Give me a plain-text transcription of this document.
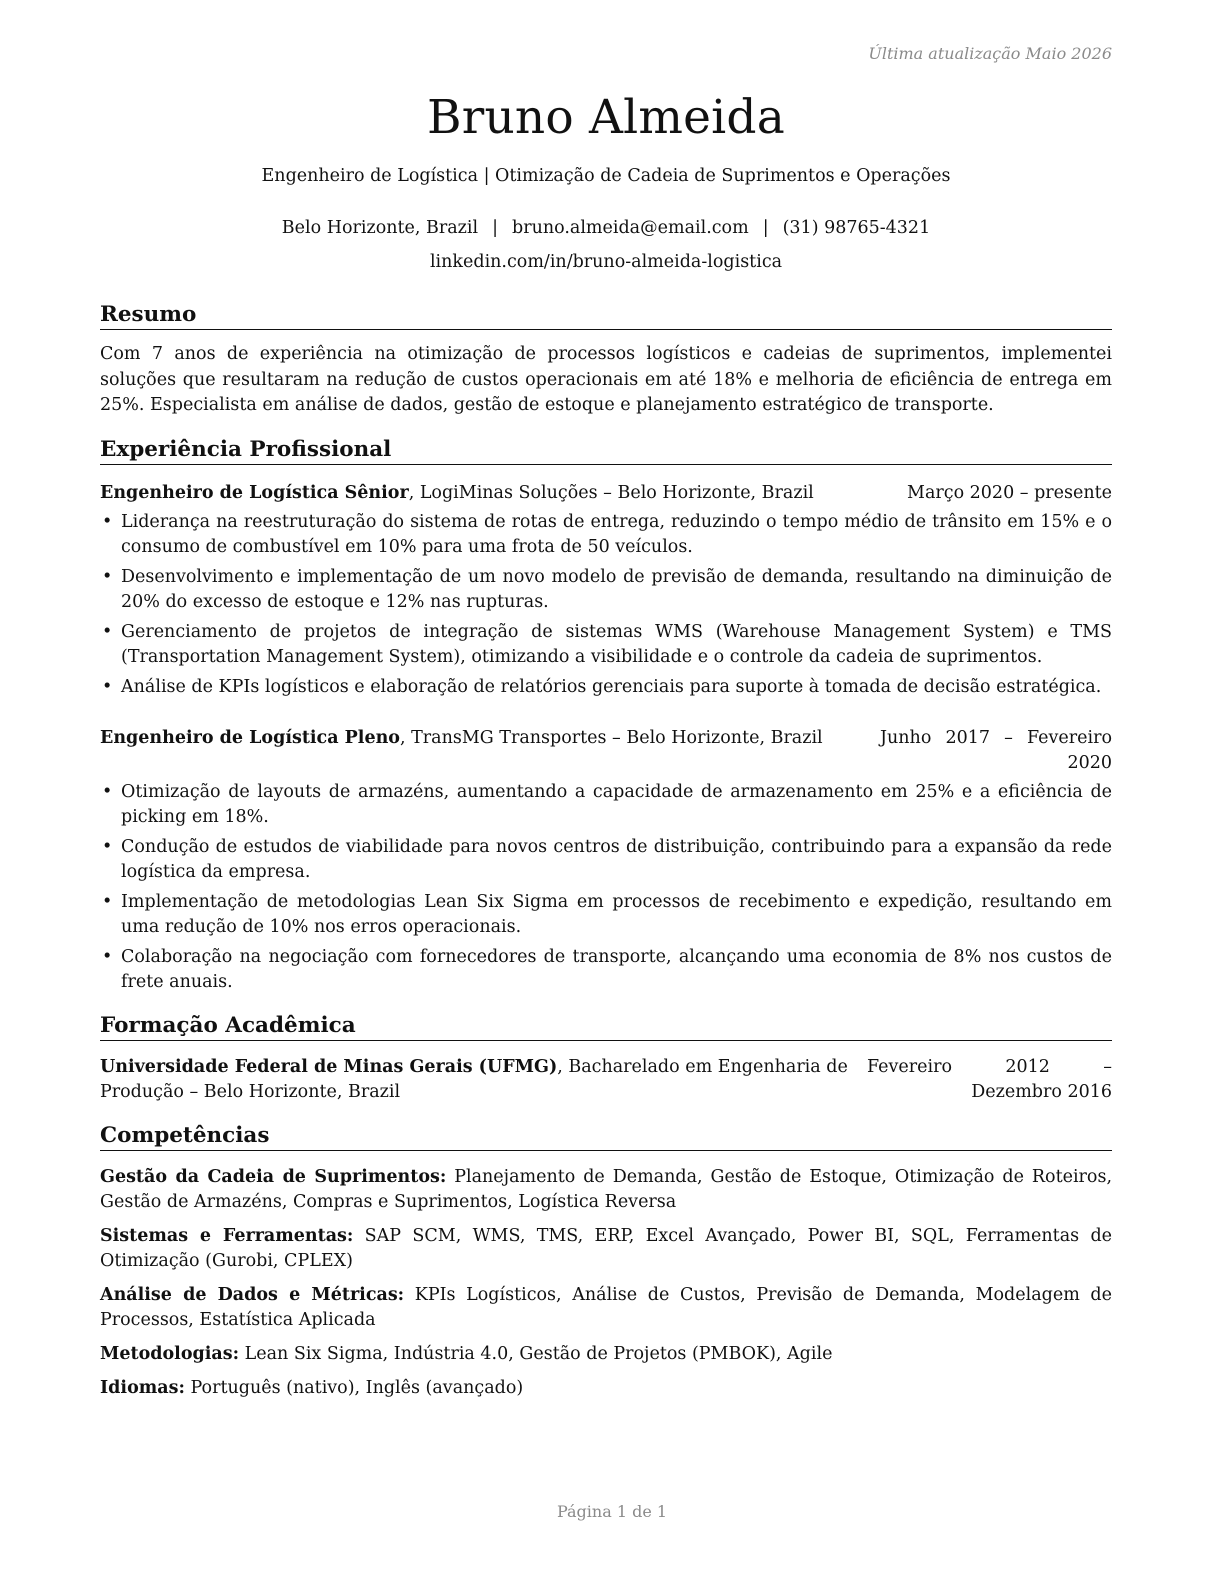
Última atualização Maio 2026
Bruno Almeida
Engenheiro de Logística | Otimização de Cadeia de Suprimentos e Operações
Belo Horizonte, Brazil | bruno.almeida@email.com | (31) 98765-4321
linkedin.com/in/bruno-almeida-logistica
Resumo
Com 7 anos de experiência na otimização de processos logísticos e cadeias de suprimentos, implementei soluções que resultaram na redução de custos operacionais em até 18% e melhoria de eficiência de entrega em 25%. Especialista em análise de dados, gestão de estoque e planejamento estratégico de transporte.
Experiência Profissional
Engenheiro de Logística Sênior, LogiMinas Soluções – Belo Horizonte, Brazil	Março 2020 – presente
• Liderança na reestruturação do sistema de rotas de entrega, reduzindo o tempo médio de trânsito em 15% e o consumo de combustível em 10% para uma frota de 50 veículos.
• Desenvolvimento e implementação de um novo modelo de previsão de demanda, resultando na diminuição de 20% do excesso de estoque e 12% nas rupturas.
• Gerenciamento de projetos de integração de sistemas WMS (Warehouse Management System) e TMS (Transportation Management System), otimizando a visibilidade e o controle da cadeia de suprimentos.
• Análise de KPIs logísticos e elaboração de relatórios gerenciais para suporte à tomada de decisão estratégica.
Engenheiro de Logística Pleno, TransMG Transportes – Belo Horizonte, Brazil	Junho 2017 – Fevereiro 2020
• Otimização de layouts de armazéns, aumentando a capacidade de armazenamento em 25% e a eficiência de picking em 18%.
• Condução de estudos de viabilidade para novos centros de distribuição, contribuindo para a expansão da rede logística da empresa.
• Implementação de metodologias Lean Six Sigma em processos de recebimento e expedição, resultando em uma redução de 10% nos erros operacionais.
• Colaboração na negociação com fornecedores de transporte, alcançando uma economia de 8% nos custos de frete anuais.
Formação Acadêmica
Universidade Federal de Minas Gerais (UFMG), Bacharelado em Engenharia de Produção – Belo Horizonte, Brazil
Fevereiro 2012 – Dezembro 2016
Competências
Gestão da Cadeia de Suprimentos: Planejamento de Demanda, Gestão de Estoque, Otimização de Roteiros, Gestão de Armazéns, Compras e Suprimentos, Logística Reversa
Sistemas e Ferramentas: SAP SCM, WMS, TMS, ERP, Excel Avançado, Power BI, SQL, Ferramentas de Otimização (Gurobi, CPLEX)
Análise de Dados e Métricas: KPIs Logísticos, Análise de Custos, Previsão de Demanda, Modelagem de Processos, Estatística Aplicada
Metodologias: Lean Six Sigma, Indústria 4.0, Gestão de Projetos (PMBOK), Agile
Idiomas: Português (nativo), Inglês (avançado)
Página 1 de 1
